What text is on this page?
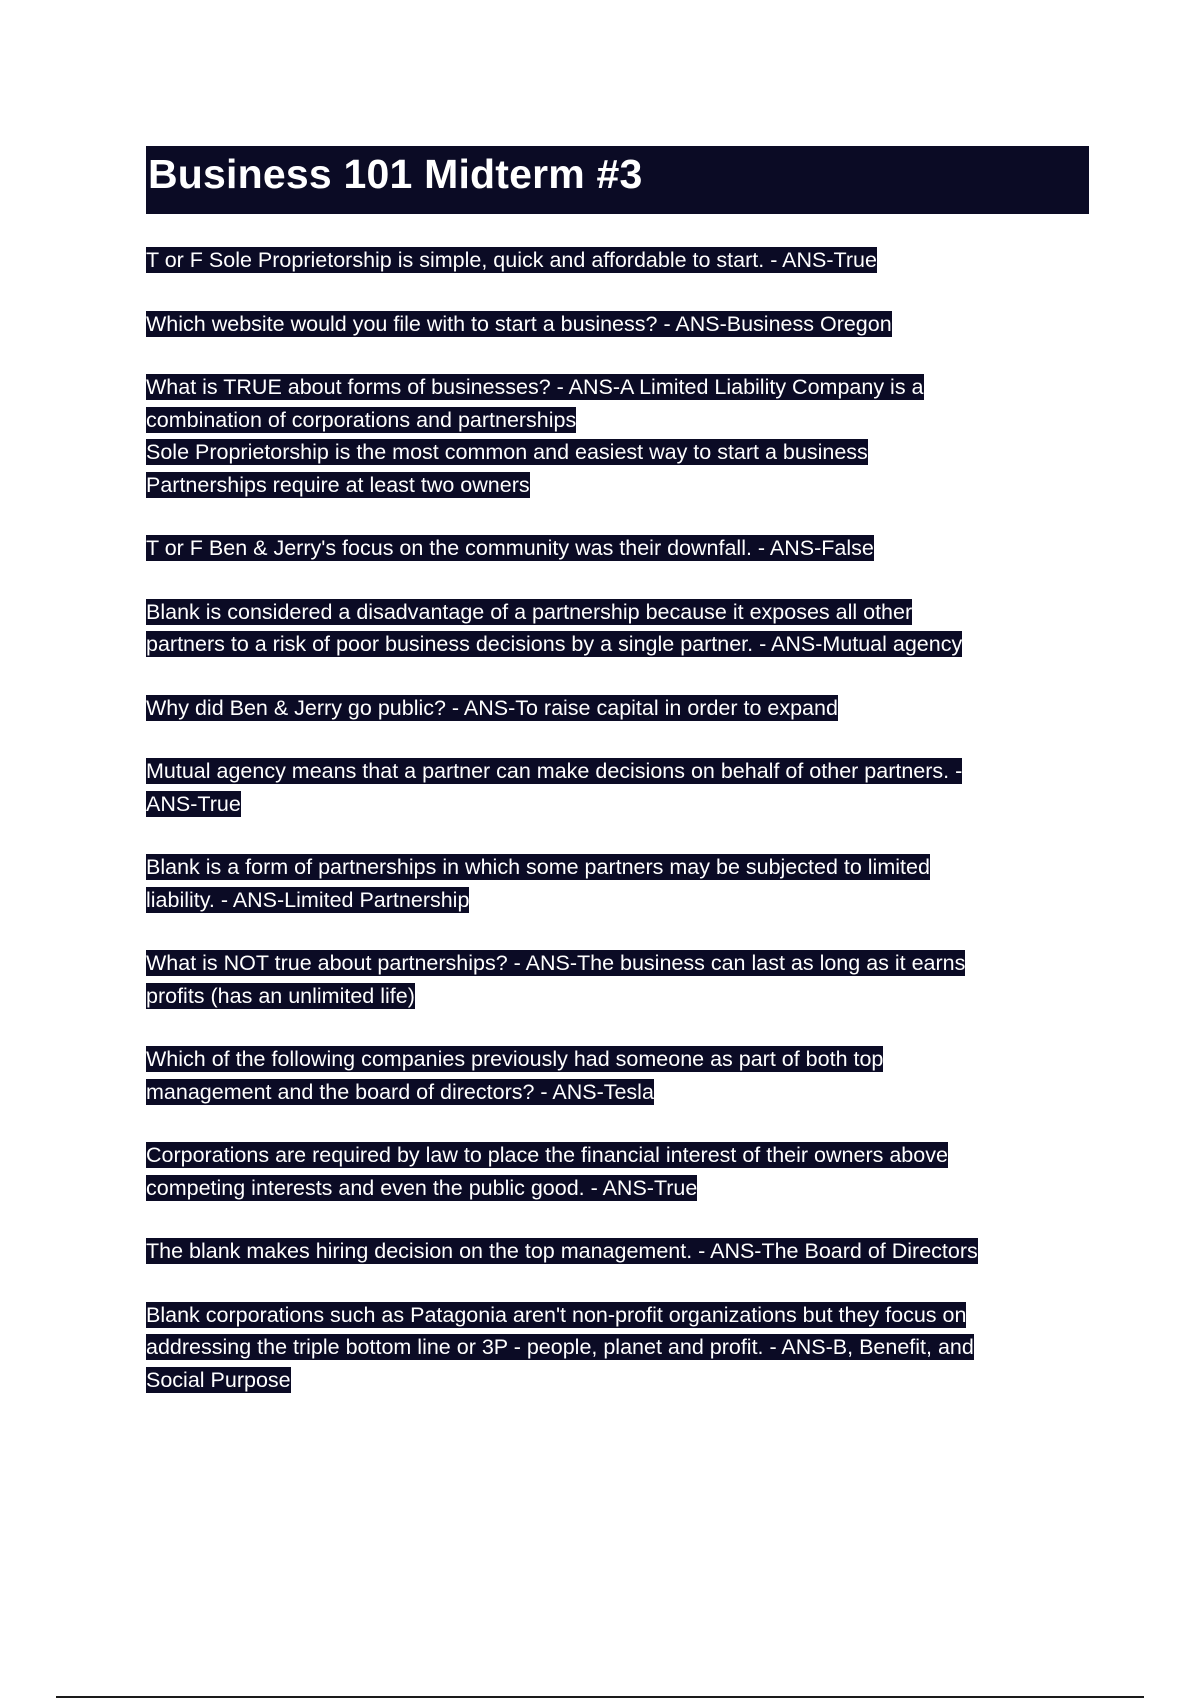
Business 101 Midterm #3

T or F Sole Proprietorship is simple, quick and affordable to start. - ANS-True

Which website would you file with to start a business? - ANS-Business Oregon

What is TRUE about forms of businesses? - ANS-A Limited Liability Company is a
combination of corporations and partnerships
Sole Proprietorship is the most common and easiest way to start a business
Partnerships require at least two owners

T or F Ben & Jerry's focus on the community was their downfall. - ANS-False

Blank is considered a disadvantage of a partnership because it exposes all other
partners to a risk of poor business decisions by a single partner. - ANS-Mutual agency

Why did Ben & Jerry go public? - ANS-To raise capital in order to expand

Mutual agency means that a partner can make decisions on behalf of other partners. -
ANS-True

Blank is a form of partnerships in which some partners may be subjected to limited
liability. - ANS-Limited Partnership

What is NOT true about partnerships? - ANS-The business can last as long as it earns
profits (has an unlimited life)

Which of the following companies previously had someone as part of both top
management and the board of directors? - ANS-Tesla

Corporations are required by law to place the financial interest of their owners above
competing interests and even the public good. - ANS-True

The blank makes hiring decision on the top management. - ANS-The Board of Directors

Blank corporations such as Patagonia aren't non-profit organizations but they focus on
addressing the triple bottom line or 3P - people, planet and profit. - ANS-B, Benefit, and
Social Purpose
